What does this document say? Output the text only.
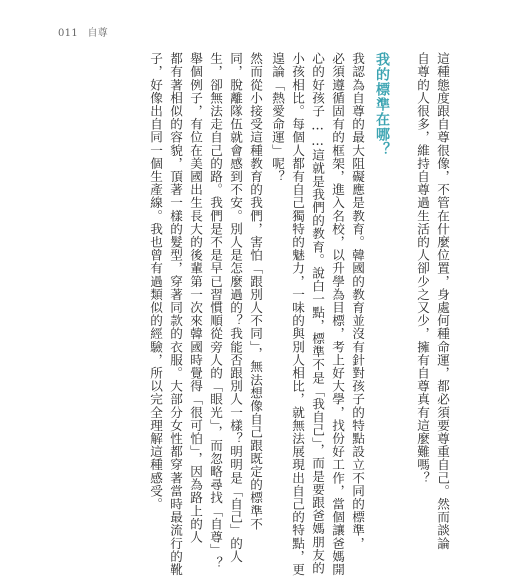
011 自尊
這種態度跟自尊很像，不管在什麼位置，身處何種命運，都必須要尊重自己。然而談論
自尊的人很多，維持自尊過生活的人卻少之又少，擁有自尊真有這麼難嗎？
我的標準在哪？
我認為自尊的最大阻礙應是教育。韓國的教育並沒有針對孩子的特點設立不同的標準，
必須遵循固有的框架，進入名校，以升學為目標，考上好大學，找份好工作，當個讓爸媽開
心的好孩子……這就是我們的教育。說白一點，標準不是「我自己」，而是要跟爸媽朋友的
小孩相比。每個人都有自己獨特的魅力，一味的與別人相比，就無法展現出自己的特點，更
遑論「熱愛命運」呢？
然而從小接受這種教育的我們，害怕「跟別人不同」，無法想像自己跟既定的標準不
同，脫離隊伍就會感到不安。別人是怎麼過的？我能否跟別人一樣？明明是「自己」的人
生，卻無法走自己的路。我們是不是早已習慣順從旁人的「眼光」，而忽略尋找「自尊」？
舉個例子，有位在美國出生長大的後輩第一次來韓國時覺得「很可怕」，因為路上的人
都有著相似的容貌，頂著一樣的髮型，穿著同款的衣服。大部分女性都穿著當時最流行的靴
子，好像出自同一個生產線。我也曾有過類似的經驗，所以完全理解這種感受。
